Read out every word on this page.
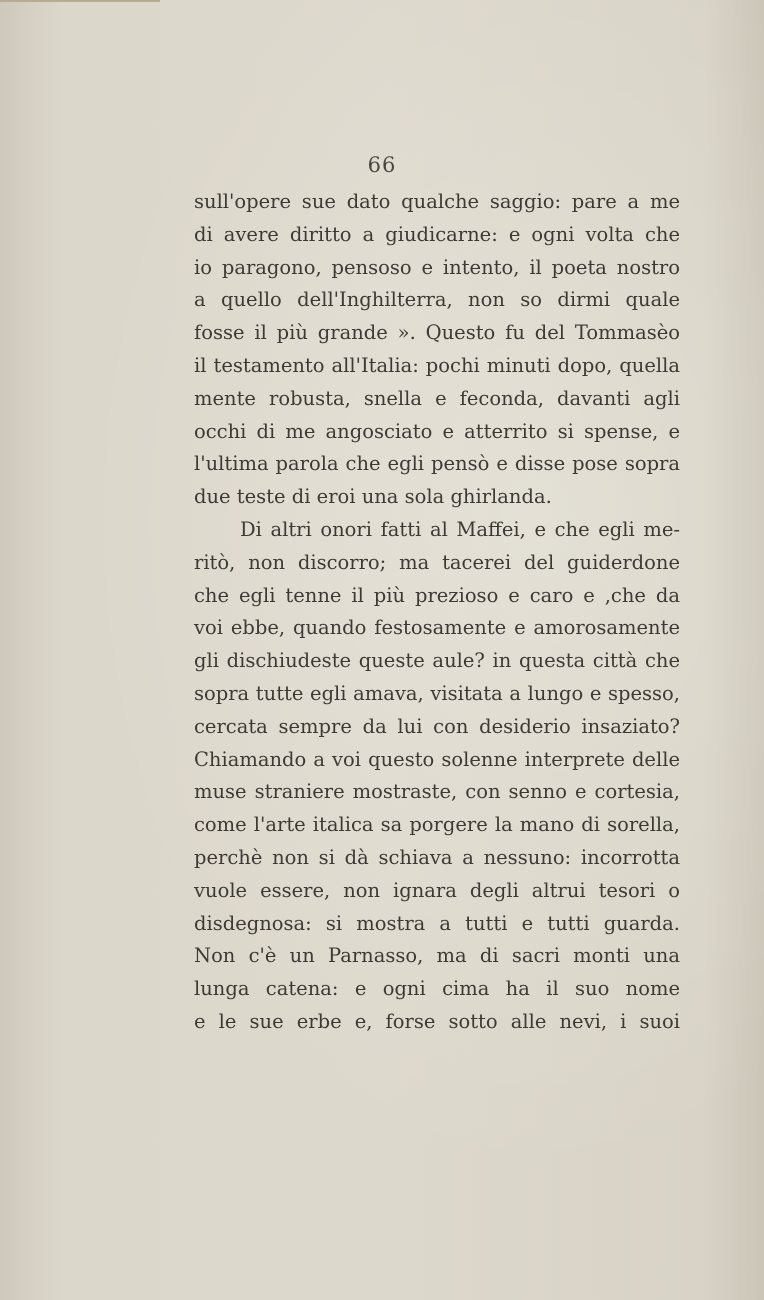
66
sull'opere sue dato qualche saggio: pare a me
di avere diritto a giudicarne: e ogni volta che
io paragono, pensoso e intento, il poeta nostro
a quello dell'Inghilterra, non so dirmi quale
fosse il più grande ». Questo fu del Tommasèo
il testamento all'Italia: pochi minuti dopo, quella
mente robusta, snella e feconda, davanti agli
occhi di me angosciato e atterrito si spense, e
l'ultima parola che egli pensò e disse pose sopra
due teste di eroi una sola ghirlanda.
Di altri onori fatti al Maffei, e che egli me-
ritò, non discorro; ma tacerei del guiderdone
che egli tenne il più prezioso e caro e ,che da
voi ebbe, quando festosamente e amorosamente
gli dischiudeste queste aule? in questa città che
sopra tutte egli amava, visitata a lungo e spesso,
cercata sempre da lui con desiderio insaziato?
Chiamando a voi questo solenne interprete delle
muse straniere mostraste, con senno e cortesia,
come l'arte italica sa porgere la mano di sorella,
perchè non si dà schiava a nessuno: incorrotta
vuole essere, non ignara degli altrui tesori o
disdegnosa: si mostra a tutti e tutti guarda.
Non c'è un Parnasso, ma di sacri monti una
lunga catena: e ogni cima ha il suo nome
e le sue erbe e, forse sotto alle nevi, i suoi
